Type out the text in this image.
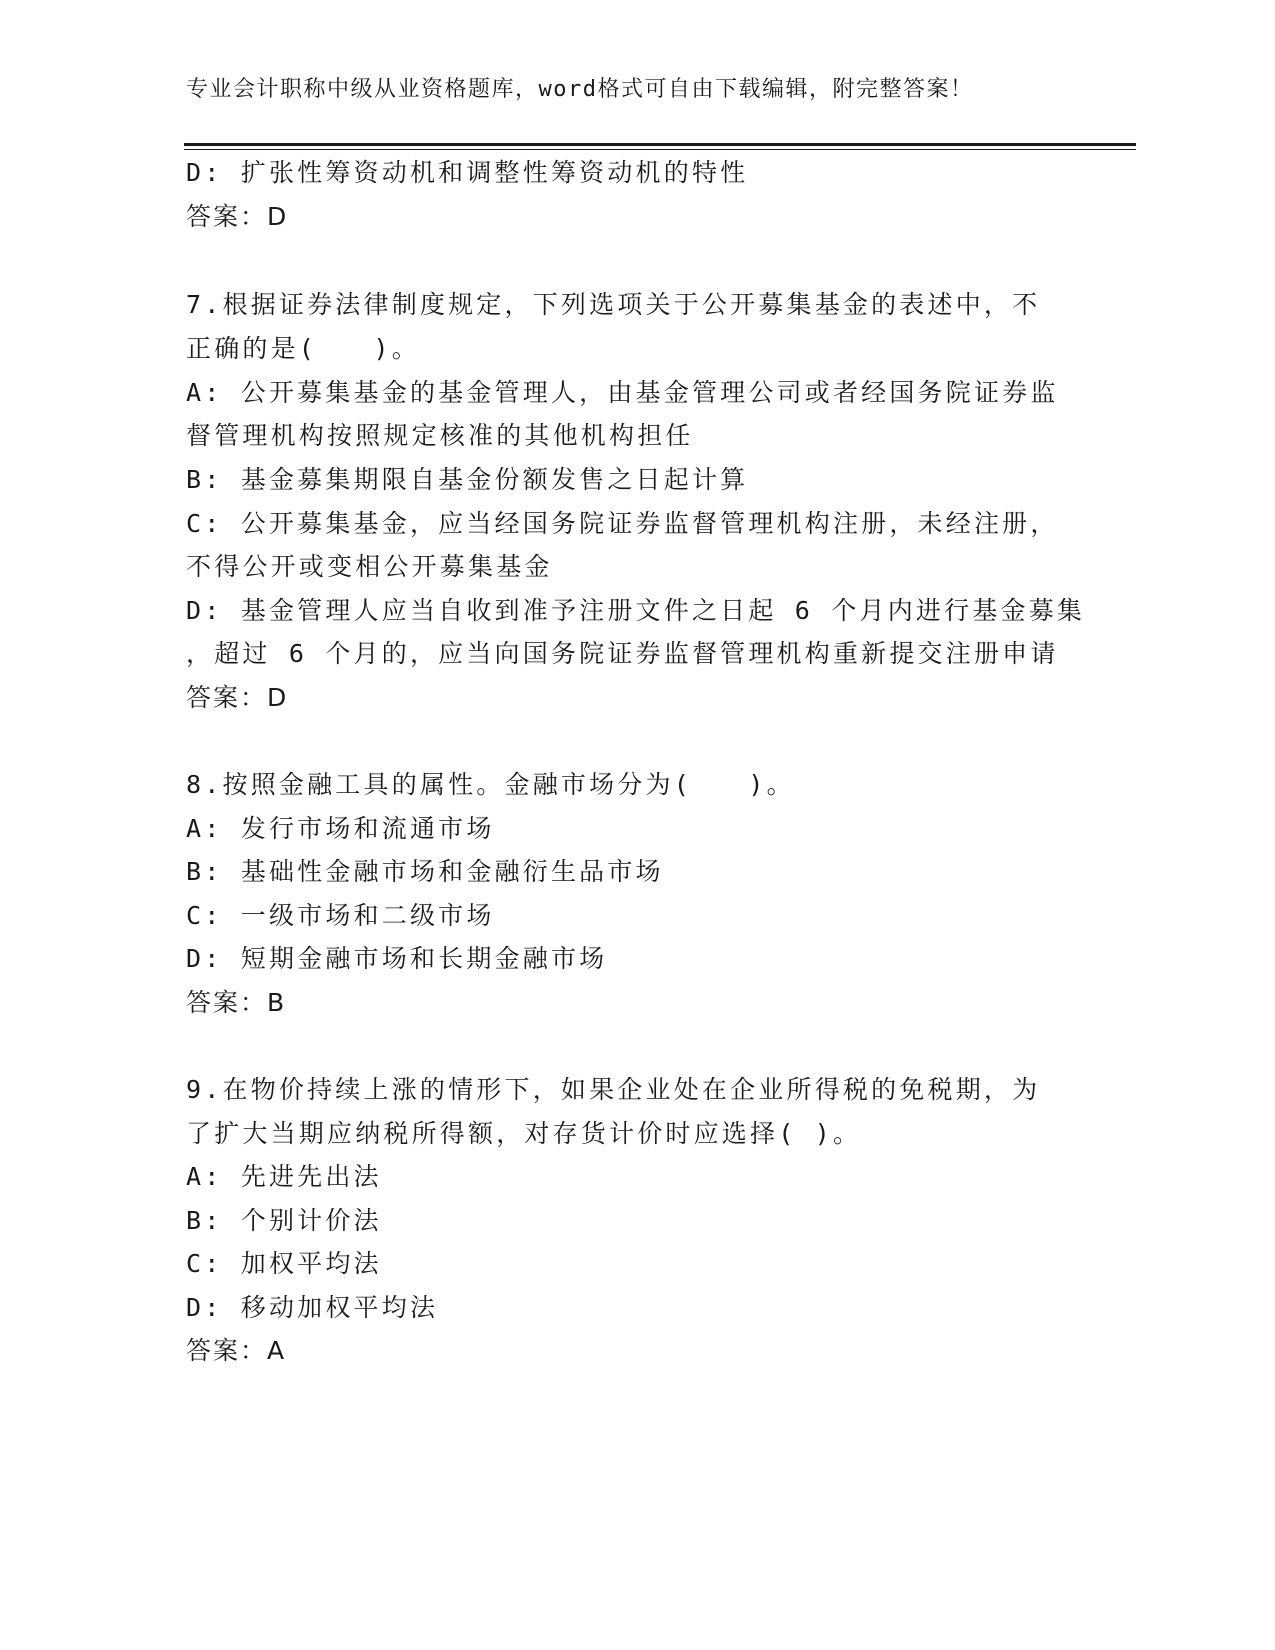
专业会计职称中级从业资格题库，word格式可自由下载编辑，附完整答案！
D: 扩张性筹资动机和调整性筹资动机的特性
答案：D
7.根据证券法律制度规定，下列选项关于公开募集基金的表述中，不
正确的是(　　)。
A: 公开募集基金的基金管理人，由基金管理公司或者经国务院证券监
督管理机构按照规定核准的其他机构担任
B: 基金募集期限自基金份额发售之日起计算
C: 公开募集基金，应当经国务院证券监督管理机构注册，未经注册，
不得公开或变相公开募集基金
D: 基金管理人应当自收到准予注册文件之日起 6 个月内进行基金募集
，超过 6 个月的，应当向国务院证券监督管理机构重新提交注册申请
答案：D
8.按照金融工具的属性。金融市场分为(　　)。
A: 发行市场和流通市场
B: 基础性金融市场和金融衍生品市场
C: 一级市场和二级市场
D: 短期金融市场和长期金融市场
答案：B
9.在物价持续上涨的情形下，如果企业处在企业所得税的免税期，为
了扩大当期应纳税所得额，对存货计价时应选择( )。
A: 先进先出法
B: 个别计价法
C: 加权平均法
D: 移动加权平均法
答案：A
